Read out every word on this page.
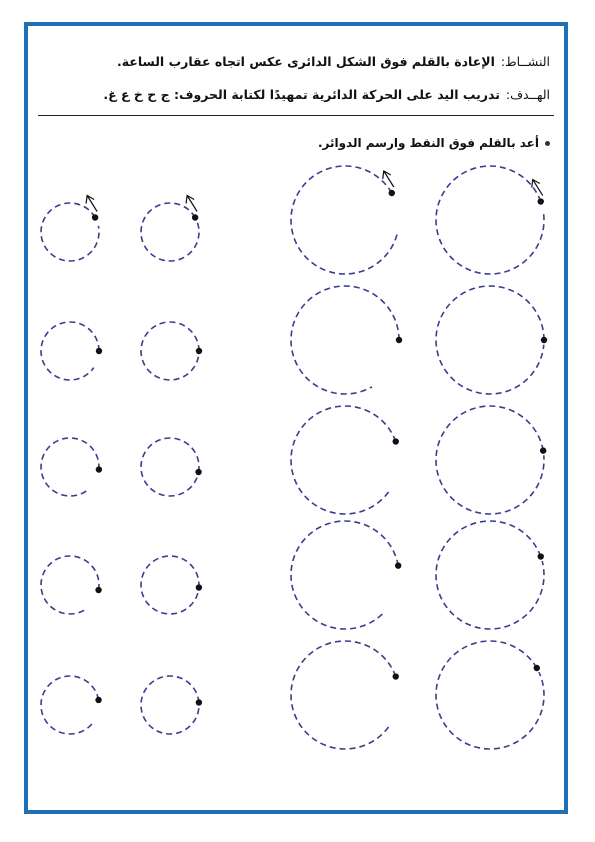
النشــاط:الإعادة بالقلم فوق الشكل الدائرى عكس اتجاه عقارب الساعة.
الهــدف:تدريب اليد على الحركة الدائرية تمهيدًا لكتابة الحروف: ج ح خ ع غ.
أعد بالقلم فوق النقط وارسم الدوائر.
